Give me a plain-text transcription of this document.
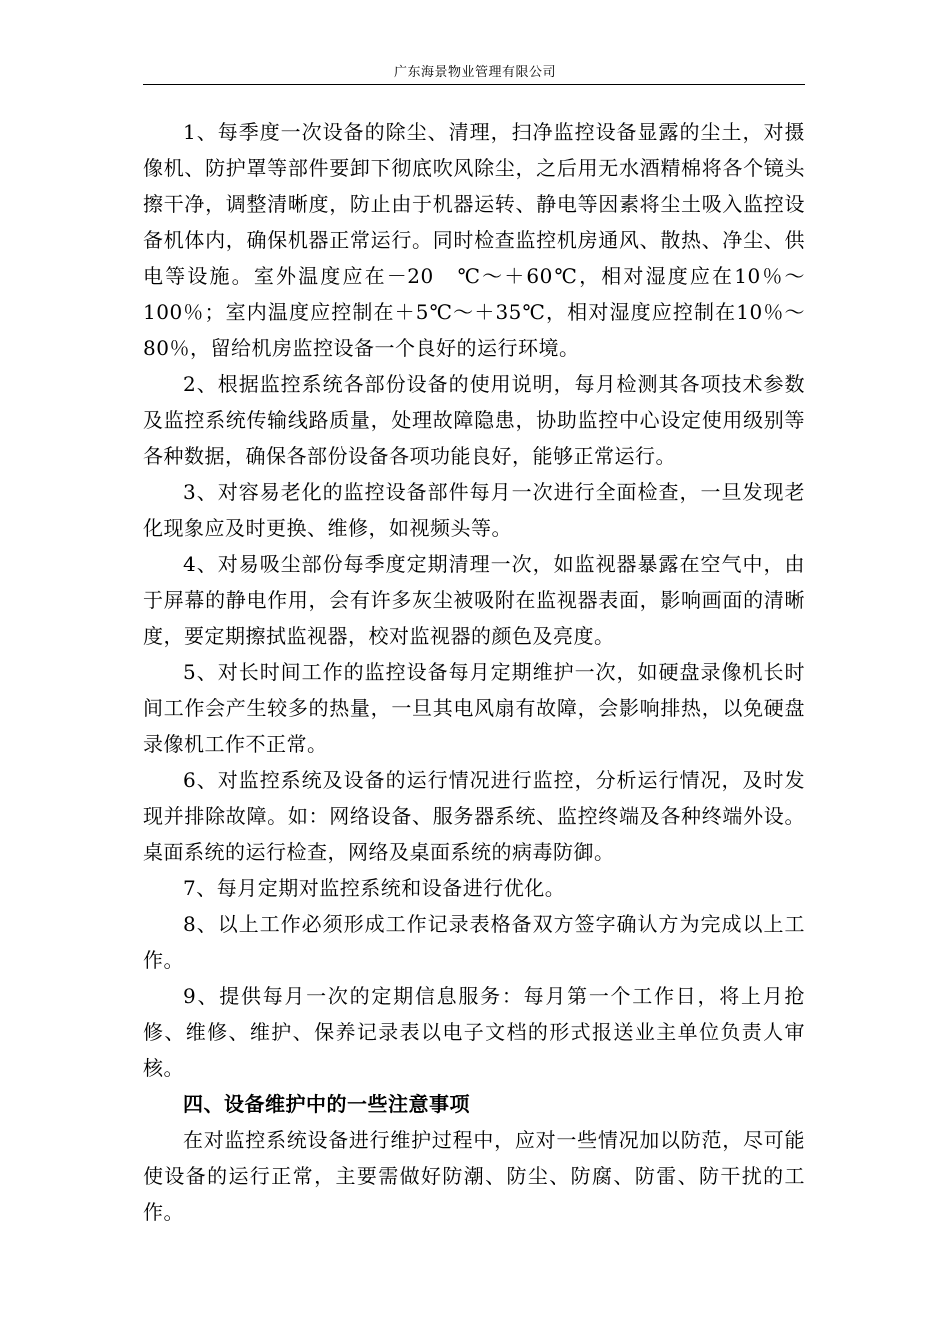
广东海景物业管理有限公司

1、每季度一次设备的除尘、清理，扫净监控设备显露的尘土，对摄像机、防护罩等部件要卸下彻底吹风除尘，之后用无水酒精棉将各个镜头擦干净，调整清晰度，防止由于机器运转、静电等因素将尘土吸入监控设备机体内，确保机器正常运行。同时检查监控机房通风、散热、净尘、供电等设施。室外温度应在－20　℃～＋60℃，相对湿度应在10％～100％；室内温度应控制在＋5℃～＋35℃，相对湿度应控制在10％～80％，留给机房监控设备一个良好的运行环境。

2、根据监控系统各部份设备的使用说明，每月检测其各项技术参数及监控系统传输线路质量，处理故障隐患，协助监控中心设定使用级别等各种数据，确保各部份设备各项功能良好，能够正常运行。

3、对容易老化的监控设备部件每月一次进行全面检查，一旦发现老化现象应及时更换、维修，如视频头等。

4、对易吸尘部份每季度定期清理一次，如监视器暴露在空气中，由于屏幕的静电作用，会有许多灰尘被吸附在监视器表面，影响画面的清晰度，要定期擦拭监视器，校对监视器的颜色及亮度。

5、对长时间工作的监控设备每月定期维护一次，如硬盘录像机长时间工作会产生较多的热量，一旦其电风扇有故障，会影响排热，以免硬盘录像机工作不正常。

6、对监控系统及设备的运行情况进行监控，分析运行情况，及时发现并排除故障。如：网络设备、服务器系统、监控终端及各种终端外设。桌面系统的运行检查，网络及桌面系统的病毒防御。

7、每月定期对监控系统和设备进行优化。

8、以上工作必须形成工作记录表格备双方签字确认方为完成以上工作。

9、提供每月一次的定期信息服务：每月第一个工作日，将上月抢修、维修、维护、保养记录表以电子文档的形式报送业主单位负责人审核。

四、设备维护中的一些注意事项

在对监控系统设备进行维护过程中，应对一些情况加以防范，尽可能使设备的运行正常，主要需做好防潮、防尘、防腐、防雷、防干扰的工作。
